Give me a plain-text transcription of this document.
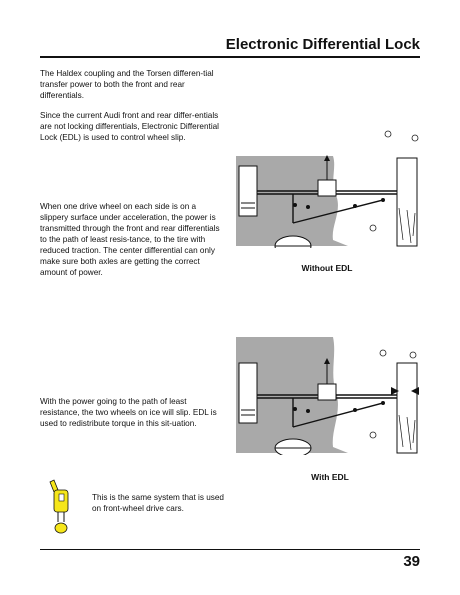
Electronic Differential Lock

The Haldex coupling and the Torsen differen-tial transfer power to both the front and rear differentials.

Since the current Audi front and rear differ-entials are not locking differentials, Electronic Differential Lock (EDL) is used to control wheel slip.

When one drive wheel on each side is on a slippery surface under acceleration, the power is transmitted through the front and rear differentials to the path of least resis-tance, to the tire with reduced traction. The center differential can only make sure both axles are getting the correct amount of power.

With the power going to the path of least resistance, the two wheels on ice will slip. EDL is used to redistribute torque in this sit-uation.

Without EDL
With EDL

This is the same system that is used on front-wheel drive cars.

39
